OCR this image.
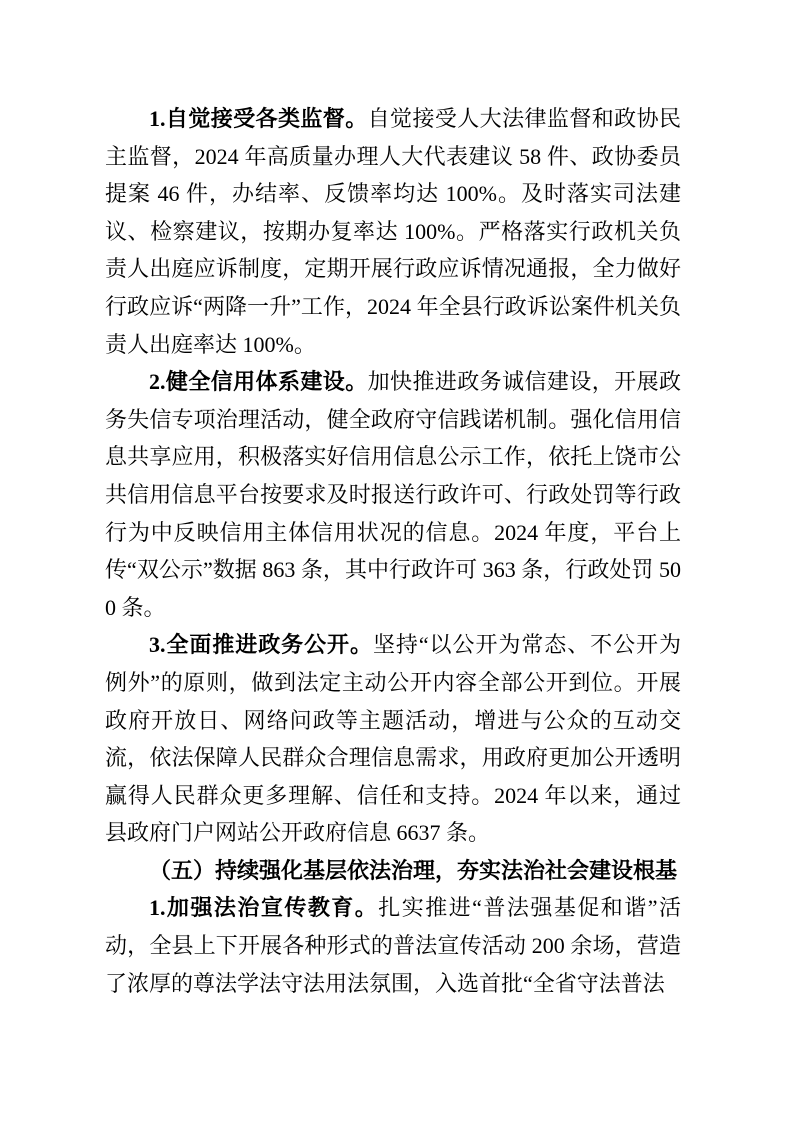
1.自觉接受各类监督。自觉接受人大法律监督和政协民主监督，2024 年高质量办理人大代表建议 58 件、政协委员提案 46 件，办结率、反馈率均达 100%。及时落实司法建议、检察建议，按期办复率达 100%。严格落实行政机关负责人出庭应诉制度，定期开展行政应诉情况通报，全力做好行政应诉“两降一升”工作，2024 年全县行政诉讼案件机关负责人出庭率达 100%。

2.健全信用体系建设。加快推进政务诚信建设，开展政务失信专项治理活动，健全政府守信践诺机制。强化信用信息共享应用，积极落实好信用信息公示工作，依托上饶市公共信用信息平台按要求及时报送行政许可、行政处罚等行政行为中反映信用主体信用状况的信息。2024 年度，平台上传“双公示”数据 863 条，其中行政许可 363 条，行政处罚 500 条。

3.全面推进政务公开。坚持“以公开为常态、不公开为例外”的原则，做到法定主动公开内容全部公开到位。开展政府开放日、网络问政等主题活动，增进与公众的互动交流，依法保障人民群众合理信息需求，用政府更加公开透明赢得人民群众更多理解、信任和支持。2024 年以来，通过县政府门户网站公开政府信息 6637 条。

（五）持续强化基层依法治理，夯实法治社会建设根基

1.加强法治宣传教育。扎实推进“普法强基促和谐”活动，全县上下开展各种形式的普法宣传活动 200 余场，营造了浓厚的尊法学法守法用法氛围，入选首批“全省守法普法
